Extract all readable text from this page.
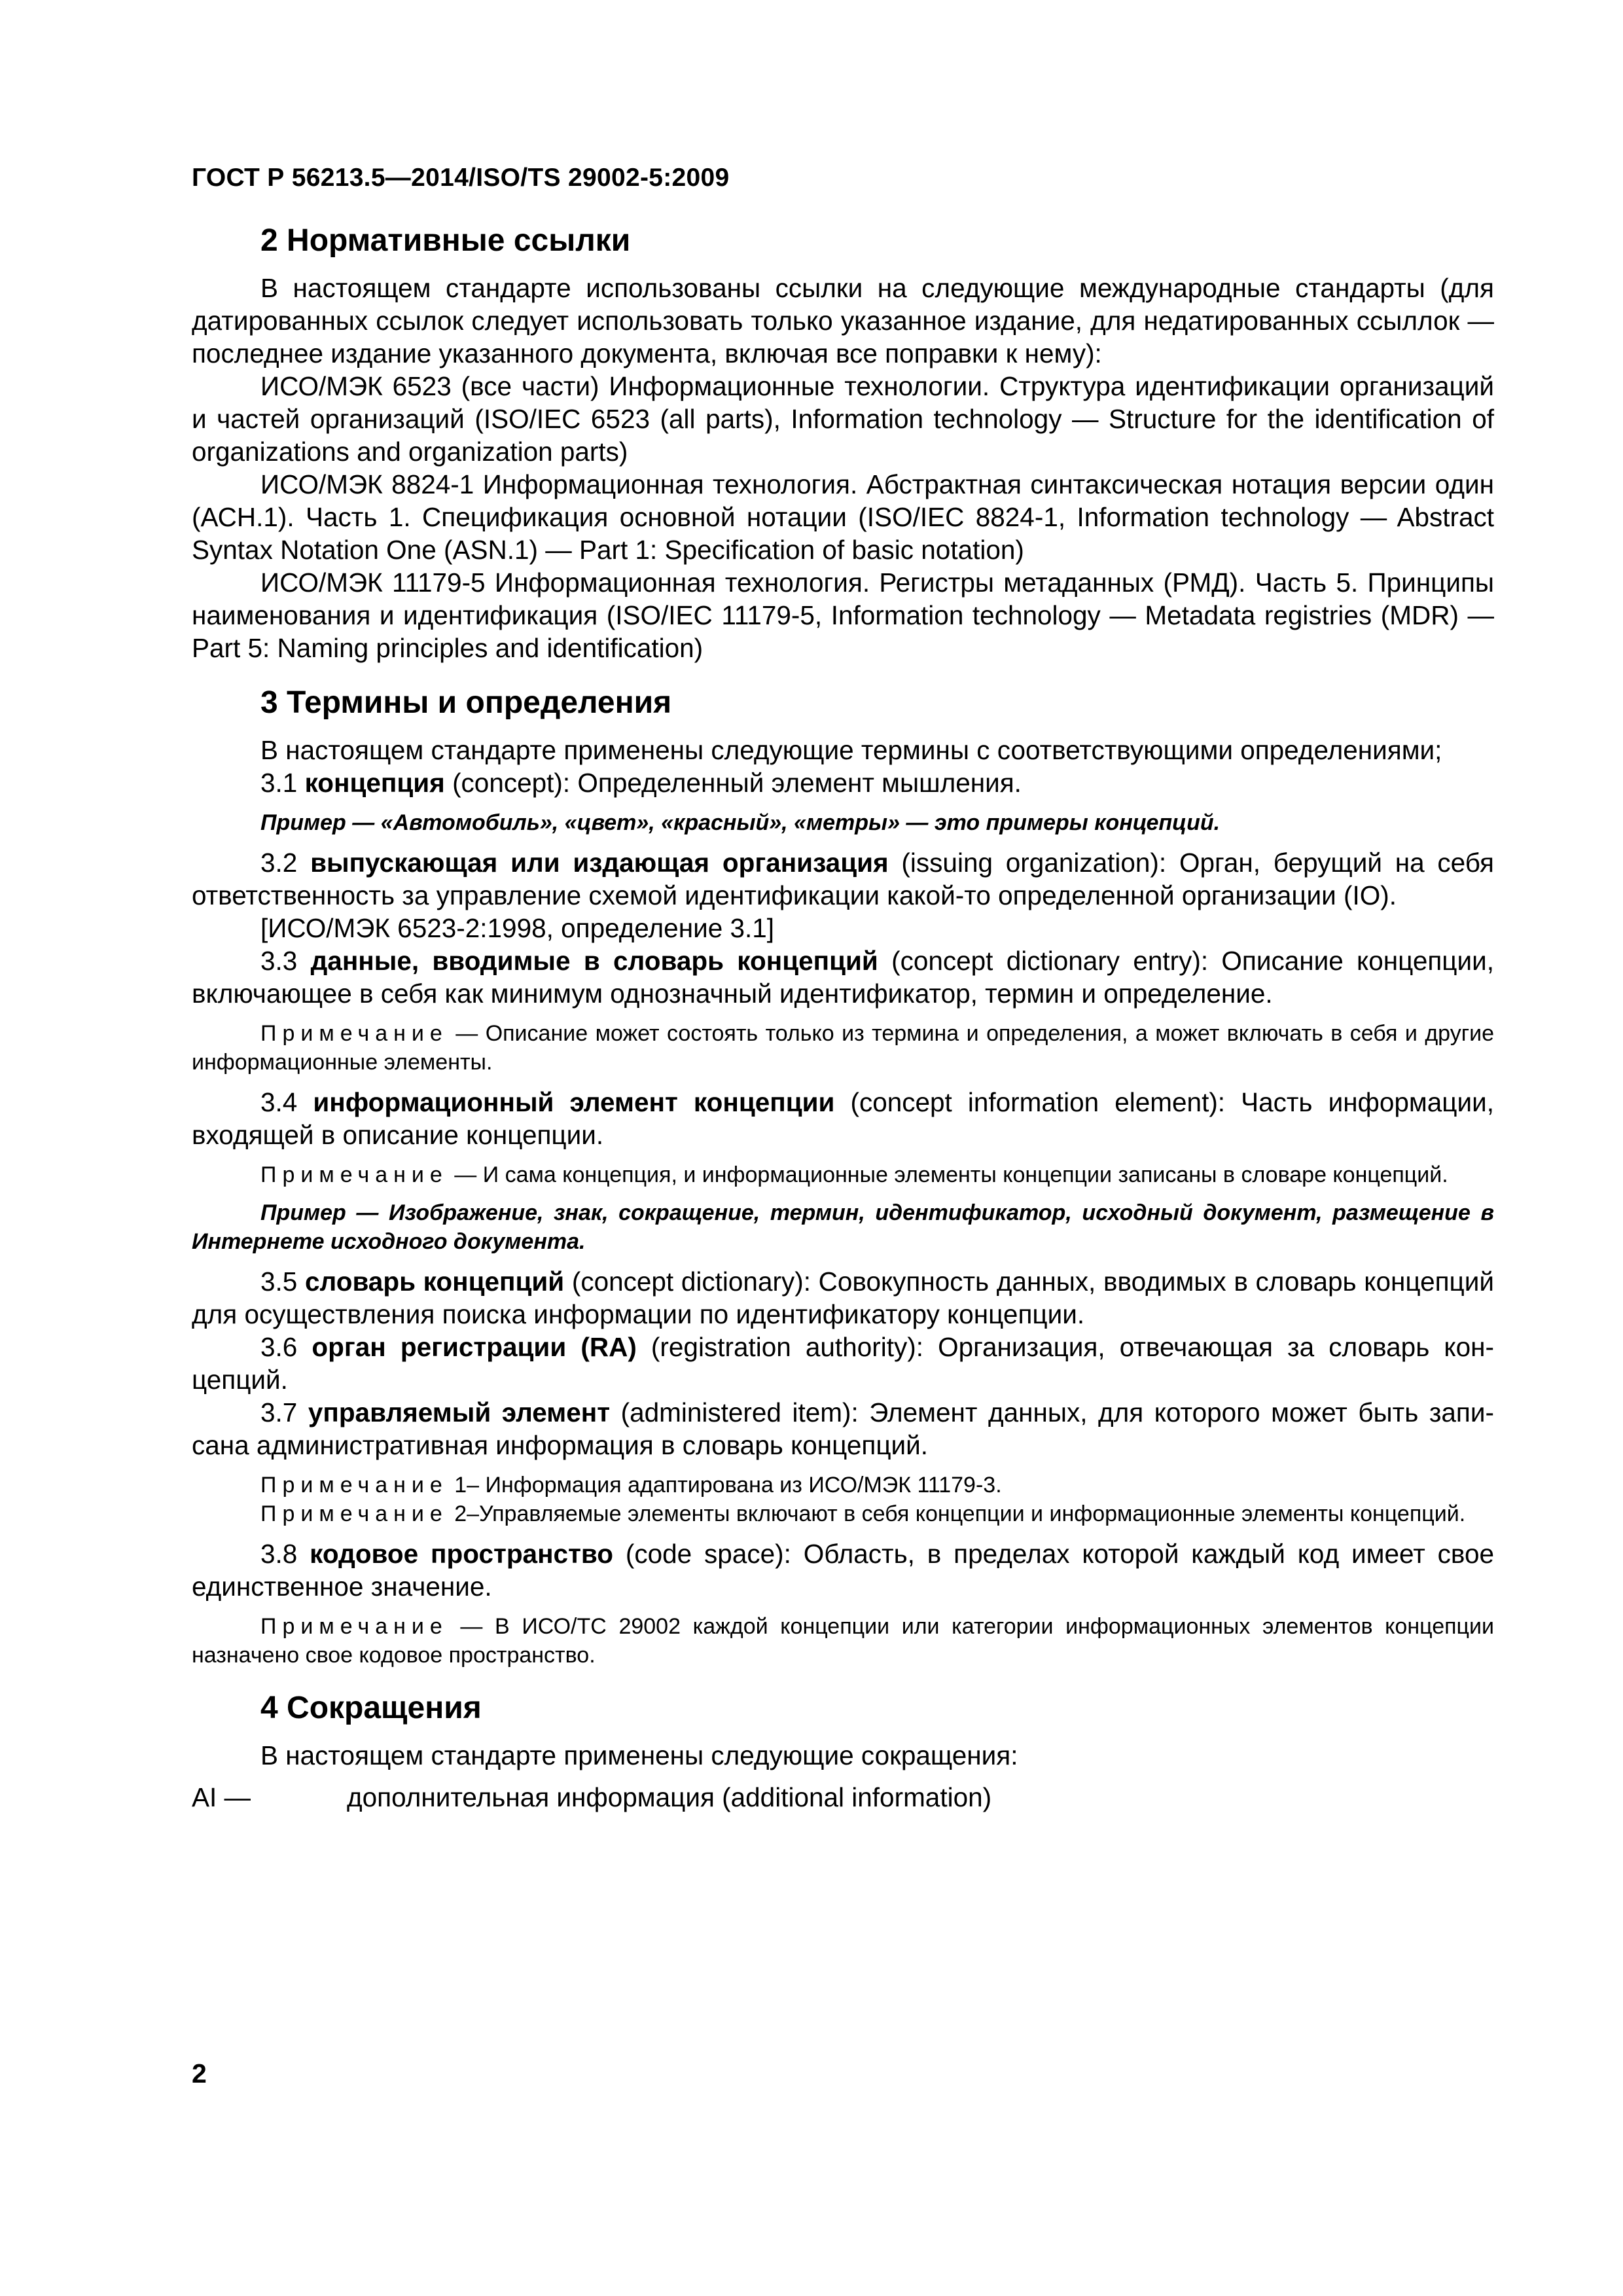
ГОСТ Р 56213.5—2014/ISO/TS 29002-5:2009
2 Нормативные ссылки

В настоящем стандарте использованы ссылки на следующие международные стандарты (для датированных ссылок следует использовать только указанное издание, для недатированных ссыллок — последнее издание указанного документа, включая все поправки к нему):

ИСО/МЭК 6523 (все части) Информационные технологии. Структура идентификации организаций и частей организаций (ISO/IEC 6523 (all parts), Information technology — Structure for the identification of organizations and organization parts)

ИСО/МЭК 8824-1 Информационная технология. Абстрактная синтаксическая нотация версии один (АСН.1). Часть 1. Спецификация основной нотации (ISO/IEC 8824-1, Information technology — Abstract Syntax Notation One (ASN.1) — Part 1: Specification of basic notation)

ИСО/МЭК 11179-5 Информационная технология. Регистры метаданных (РМД). Часть 5. Принципы наименования и идентификация (ISO/IEC 11179-5, Information technology — Metadata registries (MDR) — Part 5: Naming principles and identification)

3 Термины и определения

В настоящем стандарте применены следующие термины с соответствующими определениями;

3.1 концепция (concept): Определенный элемент мышления.

Пример — «Автомобиль», «цвет», «красный», «метры» — это примеры концепций.

3.2 выпускающая или издающая организация (issuing organization): Орган, берущий на себя ответственность за управление схемой идентификации какой-то определенной организации (IO).

[ИСО/МЭК 6523-2:1998, определение 3.1]

3.3 данные, вводимые в словарь концепций (concept dictionary entry): Описание концепции, включающее в себя как минимум однозначный идентификатор, термин и определение.

Примечание — Описание может состоять только из термина и определения, а может включать в себя и другие информационные элементы.

3.4 информационный элемент концепции (concept information element): Часть информации, входящей в описание концепции.

Примечание — И сама концепция, и информационные элементы концепции записаны в словаре концепций.

Пример — Изображение, знак, сокращение, термин, идентификатор, исходный документ, размещение в Интернете исходного документа.

3.5 словарь концепций (concept dictionary): Совокупность данных, вводимых в словарь концепций для осуществления поиска информации по идентификатору концепции.

3.6 орган регистрации (RA) (registration authority): Организация, отвечающая за словарь концепций.

3.7 управляемый элемент (administered item): Элемент данных, для которого может быть записана административная информация в словарь концепций.

Примечание 1– Информация адаптирована из ИСО/МЭК 11179-3.

Примечание 2–Управляемые элементы включают в себя концепции и информационные элементы концепций.

3.8 кодовое пространство (code space): Область, в пределах которой каждый код имеет свое единственное значение.

Примечание — В ИСО/ТС 29002 каждой концепции или категории информационных элементов концепции назначено свое кодовое пространство.

4 Сокращения

В настоящем стандарте применены следующие сокращения:

AI —	дополнительная информация (additional information)
2
